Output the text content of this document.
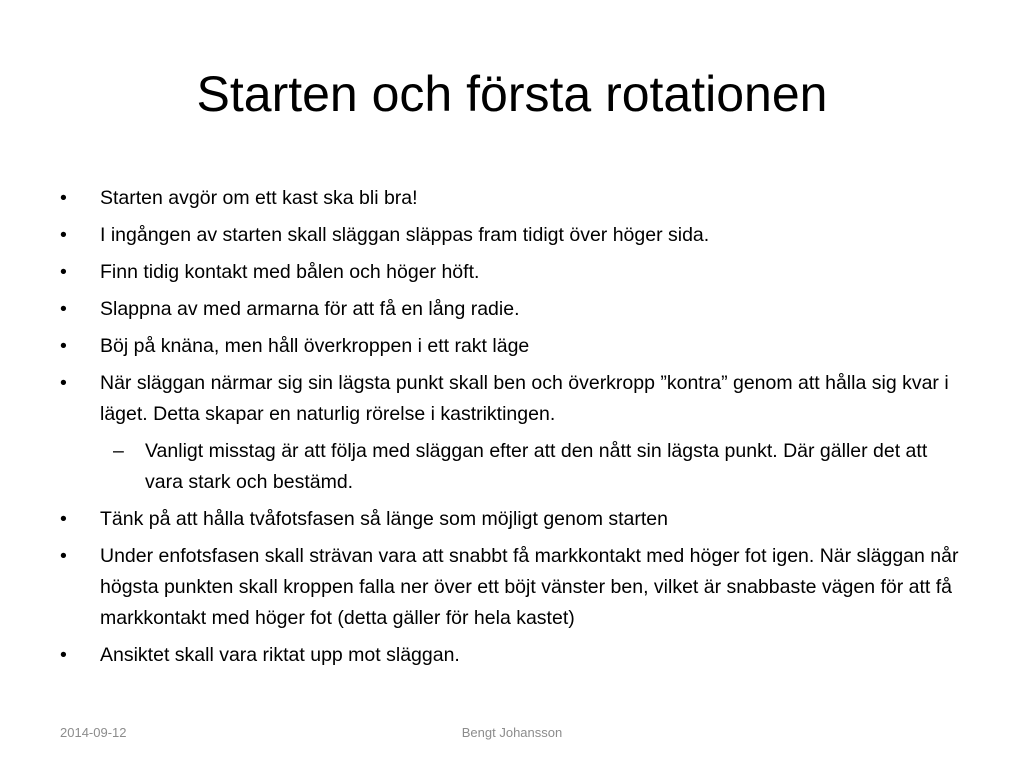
Starten och första rotationen
• Starten avgör om ett kast ska bli bra!
• I ingången av starten skall släggan släppas fram tidigt över höger sida.
• Finn tidig kontakt med bålen och höger höft.
• Slappna av med armarna för att få en lång radie.
• Böj på knäna, men håll överkroppen i ett rakt läge
• När släggan närmar sig sin lägsta punkt skall ben och överkropp ”kontra” genom att hålla sig kvar i läget. Detta skapar en naturlig rörelse i kastriktingen.
– Vanligt misstag är att följa med släggan efter att den nått sin lägsta punkt. Där gäller det att vara stark och bestämd.
• Tänk på att hålla tvåfotsfasen så länge som möjligt genom starten
• Under enfotsfasen skall strävan vara att snabbt få markkontakt med höger fot igen. När släggan når högsta punkten skall kroppen falla ner över ett böjt vänster ben, vilket är snabbaste vägen för att få markkontakt med höger fot (detta gäller för hela kastet)
• Ansiktet skall vara riktat upp mot släggan.
2014-09-12	Bengt Johansson
